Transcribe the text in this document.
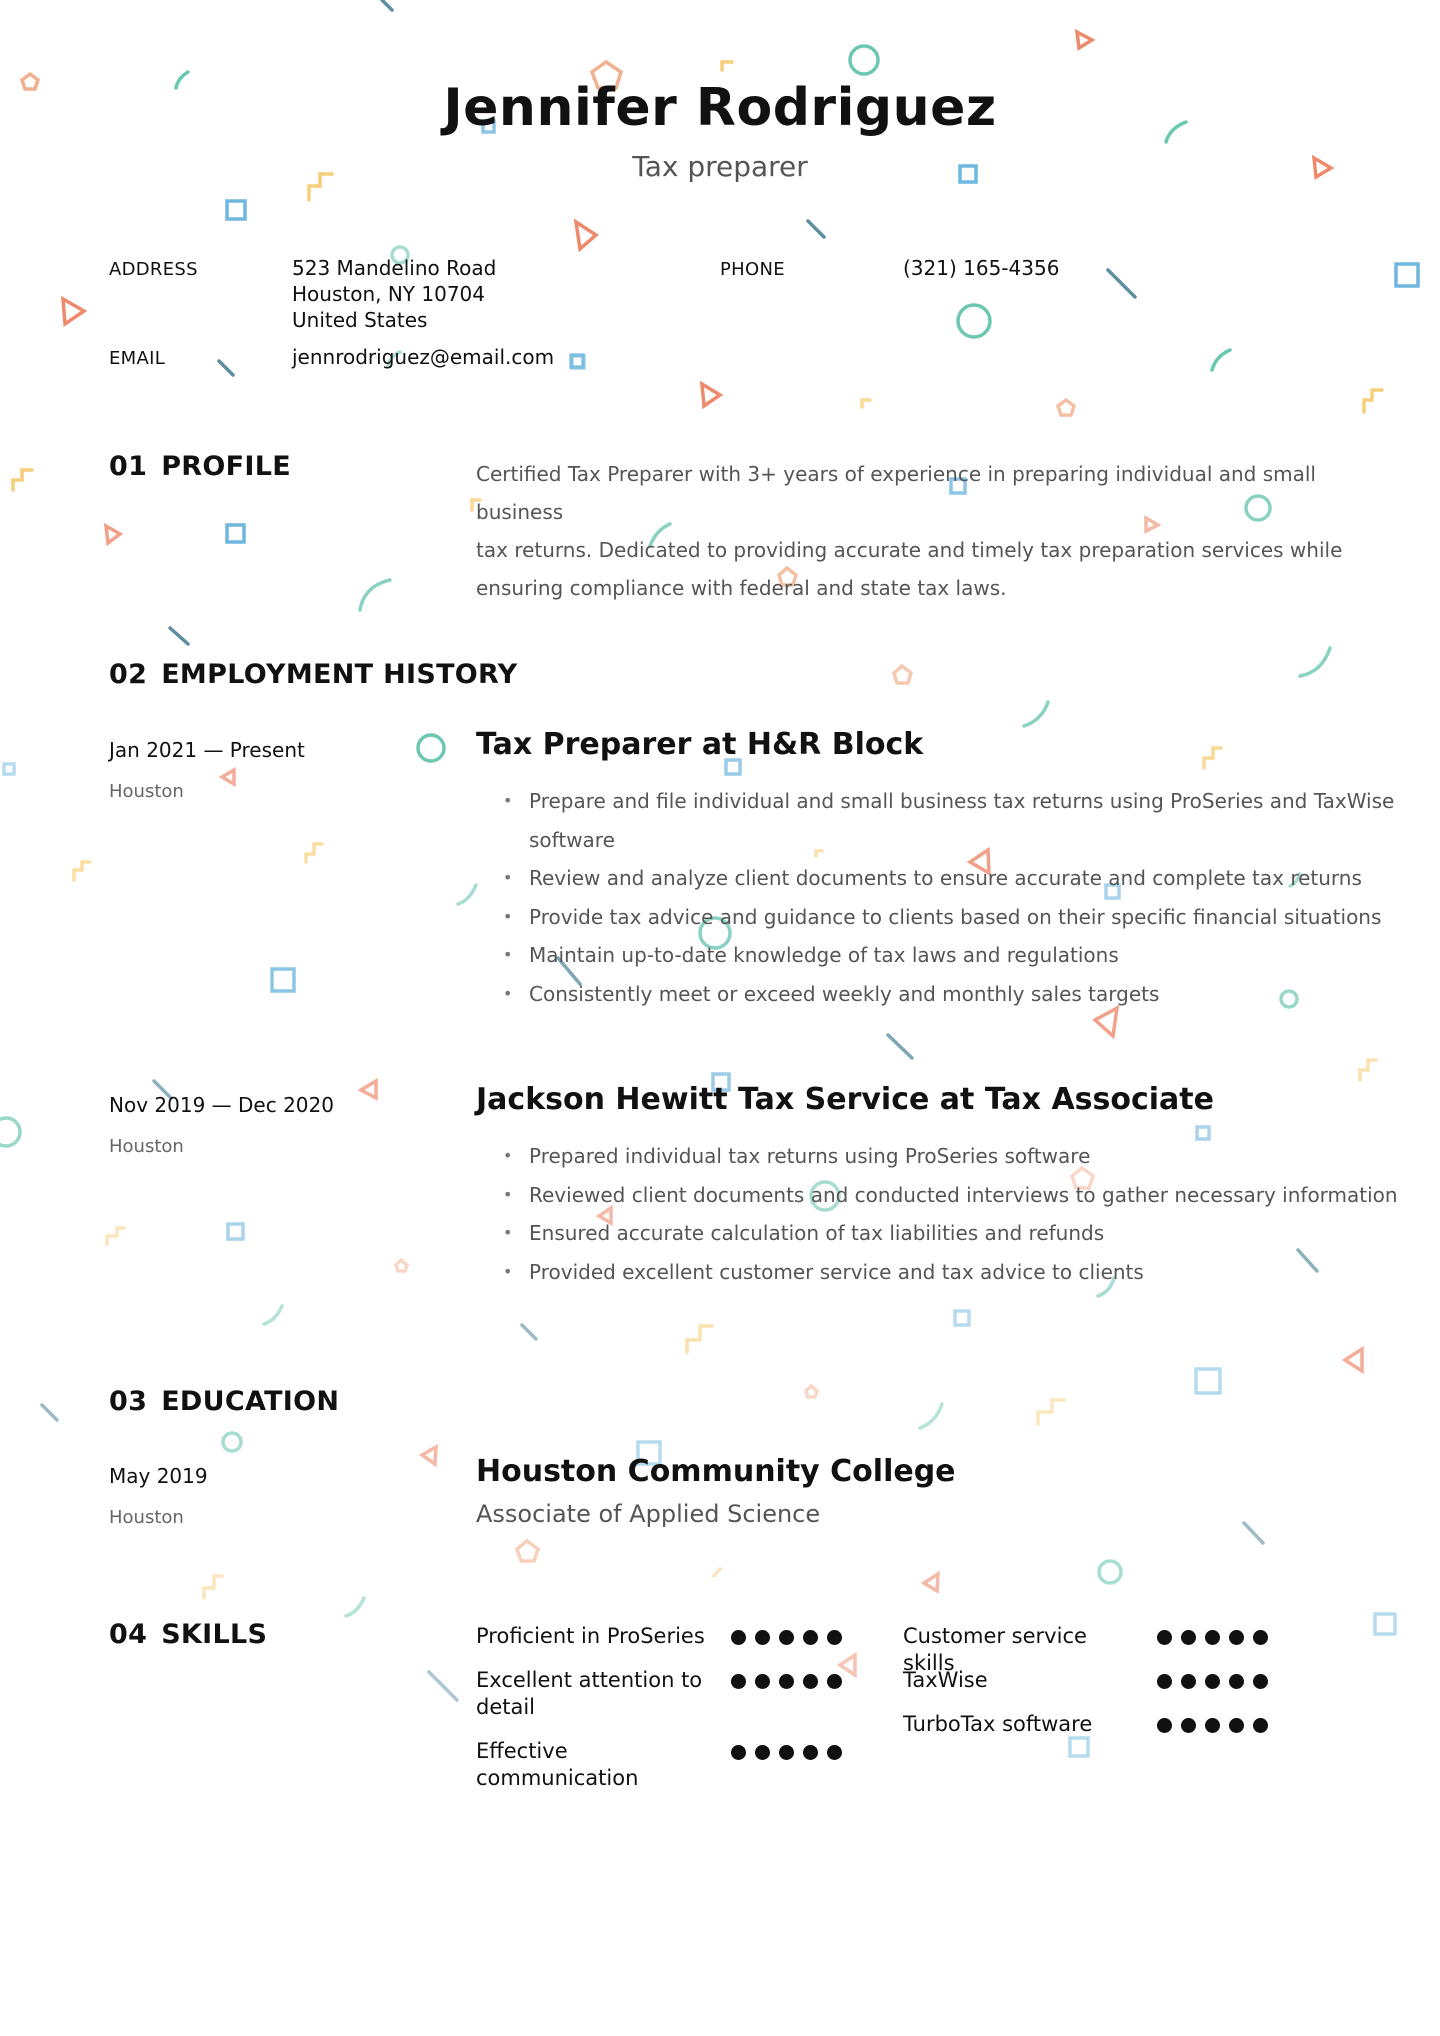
Jennifer Rodriguez
Tax preparer
ADDRESS	523 Mandelino Road
Houston, NY 10704
United States
PHONE	(321) 165-4356
EMAIL	jennrodriguez@email.com
01 PROFILE	Certified Tax Preparer with 3+ years of experience in preparing individual and small business
tax returns. Dedicated to providing accurate and timely tax preparation services while
ensuring compliance with federal and state tax laws.
02 EMPLOYMENT HISTORY
Jan 2021 — Present
Houston
Tax Preparer at H&R Block
• Prepare and file individual and small business tax returns using ProSeries and TaxWise
software
• Review and analyze client documents to ensure accurate and complete tax returns
• Provide tax advice and guidance to clients based on their specific financial situations
• Maintain up-to-date knowledge of tax laws and regulations
• Consistently meet or exceed weekly and monthly sales targets
Nov 2019 — Dec 2020
Houston
Jackson Hewitt Tax Service at Tax Associate
• Prepared individual tax returns using ProSeries software
• Reviewed client documents and conducted interviews to gather necessary information
• Ensured accurate calculation of tax liabilities and refunds
• Provided excellent customer service and tax advice to clients
03 EDUCATION
May 2019
Houston
Houston Community College
Associate of Applied Science
04 SKILLS	Proficient in ProSeries
Excellent attention to detail
Effective communication
Customer service skills
TaxWise
TurboTax software
